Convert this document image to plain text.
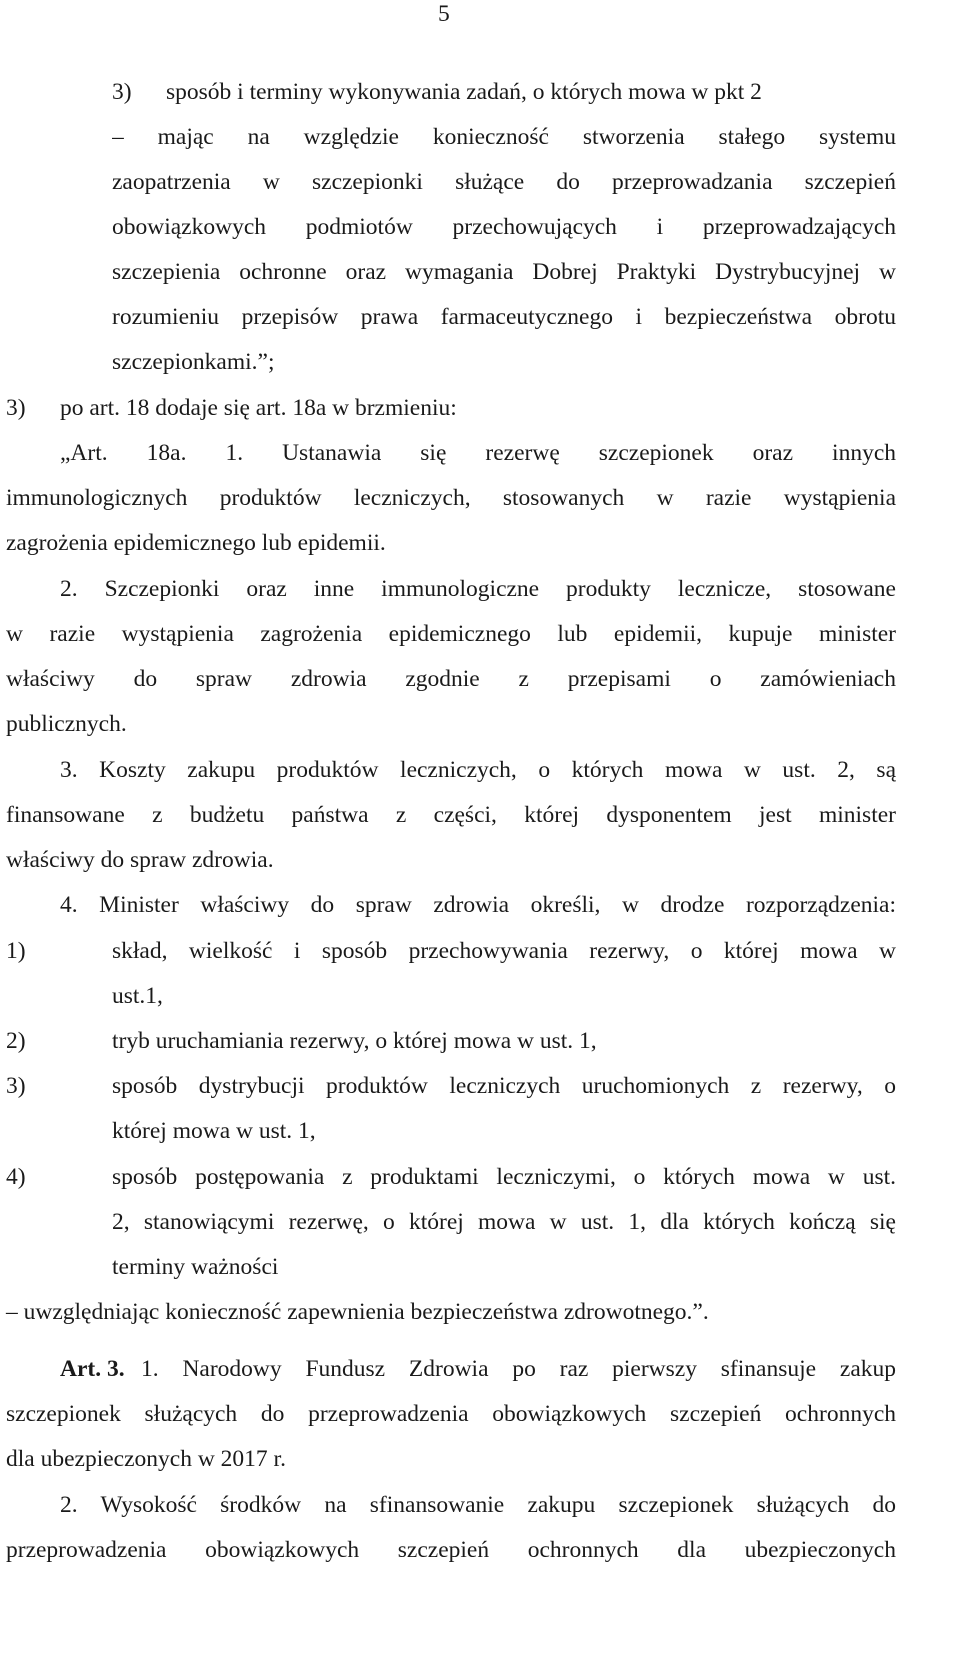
5
3) sposób i terminy wykonywania zadań, o których mowa w pkt 2
– mając na względzie konieczność stworzenia stałego systemu
zaopatrzenia w szczepionki służące do przeprowadzania szczepień
obowiązkowych podmiotów przechowujących i przeprowadzających
szczepienia ochronne oraz wymagania Dobrej Praktyki Dystrybucyjnej w
rozumieniu przepisów prawa farmaceutycznego i bezpieczeństwa obrotu
szczepionkami.”;
3) po art. 18 dodaje się art. 18a w brzmieniu:
„Art. 18a. 1. Ustanawia się rezerwę szczepionek oraz innych
immunologicznych produktów leczniczych, stosowanych w razie wystąpienia
zagrożenia epidemicznego lub epidemii.
2. Szczepionki oraz inne immunologiczne produkty lecznicze, stosowane
w razie wystąpienia zagrożenia epidemicznego lub epidemii, kupuje minister
właściwy do spraw zdrowia zgodnie z przepisami o zamówieniach
publicznych.
3. Koszty zakupu produktów leczniczych, o których mowa w ust. 2, są
finansowane z budżetu państwa z części, której dysponentem jest minister
właściwy do spraw zdrowia.
4. Minister właściwy do spraw zdrowia określi, w drodze rozporządzenia:
1)	skład, wielkość i sposób przechowywania rezerwy, o której mowa w
ust.1,
2)	tryb uruchamiania rezerwy, o której mowa w ust. 1,
3)	sposób dystrybucji produktów leczniczych uruchomionych z rezerwy, o
której mowa w ust. 1,
4)	sposób postępowania z produktami leczniczymi, o których mowa w ust.
2, stanowiącymi rezerwę, o której mowa w ust. 1, dla których kończą się
terminy ważności
– uwzględniając konieczność zapewnienia bezpieczeństwa zdrowotnego.”.
Art. 3. 1. Narodowy Fundusz Zdrowia po raz pierwszy sfinansuje zakup
szczepionek służących do przeprowadzenia obowiązkowych szczepień ochronnych
dla ubezpieczonych w 2017 r.
2. Wysokość środków na sfinansowanie zakupu szczepionek służących do
przeprowadzenia obowiązkowych szczepień ochronnych dla ubezpieczonych
